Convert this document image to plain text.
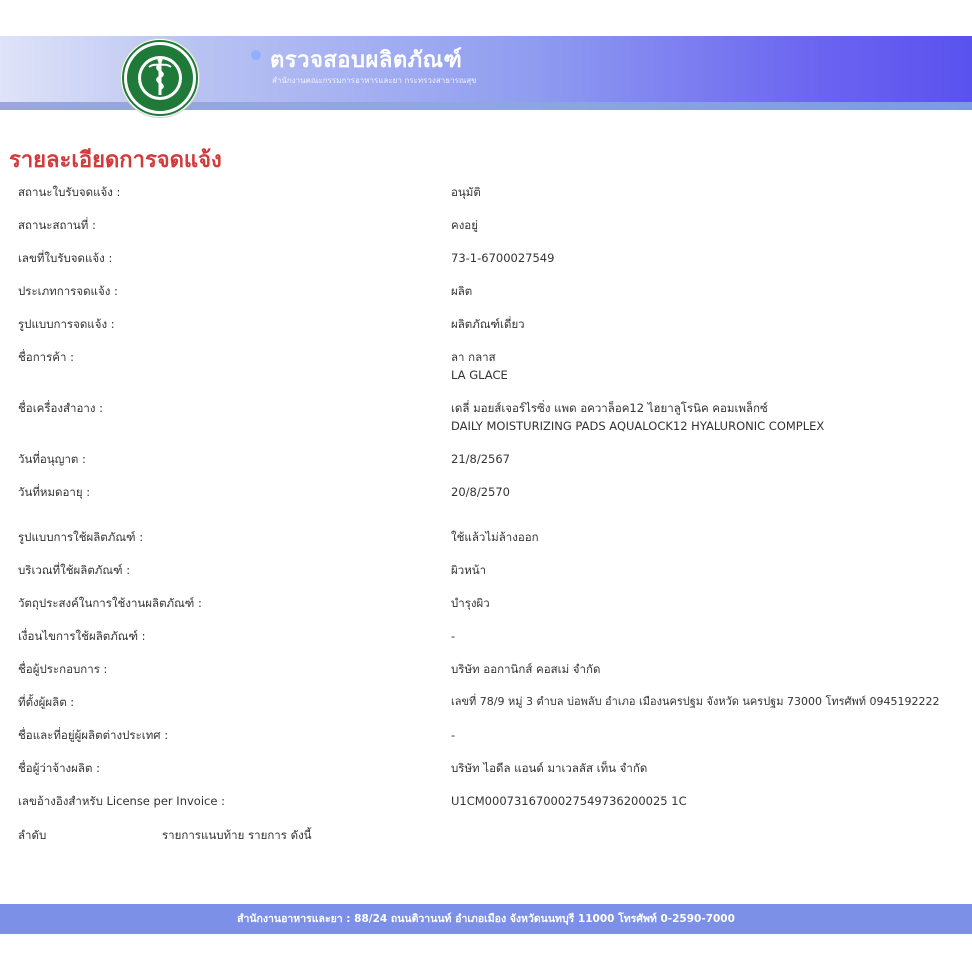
ตรวจสอบผลิตภัณฑ์
สำนักงานคณะกรรมการอาหารและยา กระทรวงสาธารณสุข
รายละเอียดการจดแจ้ง
สถานะใบรับจดแจ้ง :	อนุมัติ
สถานะสถานที่ :	คงอยู่
เลขที่ใบรับจดแจ้ง :	73-1-6700027549
ประเภทการจดแจ้ง :	ผลิต
รูปแบบการจดแจ้ง :	ผลิตภัณฑ์เดี่ยว
ชื่อการค้า :	ลา กลาส
LA GLACE
ชื่อเครื่องสำอาง :	เดลี่ มอยส์เจอร์ไรซิ่ง แพด อควาล็อค12 ไฮยาลูโรนิค คอมเพล็กซ์
DAILY MOISTURIZING PADS AQUALOCK12 HYALURONIC COMPLEX
วันที่อนุญาต :	21/8/2567
วันที่หมดอายุ :	20/8/2570
รูปแบบการใช้ผลิตภัณฑ์ :	ใช้แล้วไม่ล้างออก
บริเวณที่ใช้ผลิตภัณฑ์ :	ผิวหน้า
วัตถุประสงค์ในการใช้งานผลิตภัณฑ์ :	บำรุงผิว
เงื่อนไขการใช้ผลิตภัณฑ์ :	-
ชื่อผู้ประกอบการ :	บริษัท ออกานิกส์ คอสเม่ จำกัด
ที่ตั้งผู้ผลิต :	เลขที่ 78/9 หมู่ 3 ตำบล บ่อพลับ อำเภอ เมืองนครปฐม จังหวัด นครปฐม 73000 โทรศัพท์ 0945192222
ชื่อและที่อยู่ผู้ผลิตต่างประเทศ :	-
ชื่อผู้ว่าจ้างผลิต :	บริษัท ไอดีล แอนด์ มาเวลลัส เท็น จำกัด
เลขอ้างอิงสำหรับ License per Invoice :	U1CM0007316700027549736200025 1C
ลำดับ	รายการแนบท้าย รายการ ดังนี้
สำนักงานอาหารและยา : 88/24 ถนนติวานนท์ อำเภอเมือง จังหวัดนนทบุรี 11000 โทรศัพท์ 0-2590-7000
